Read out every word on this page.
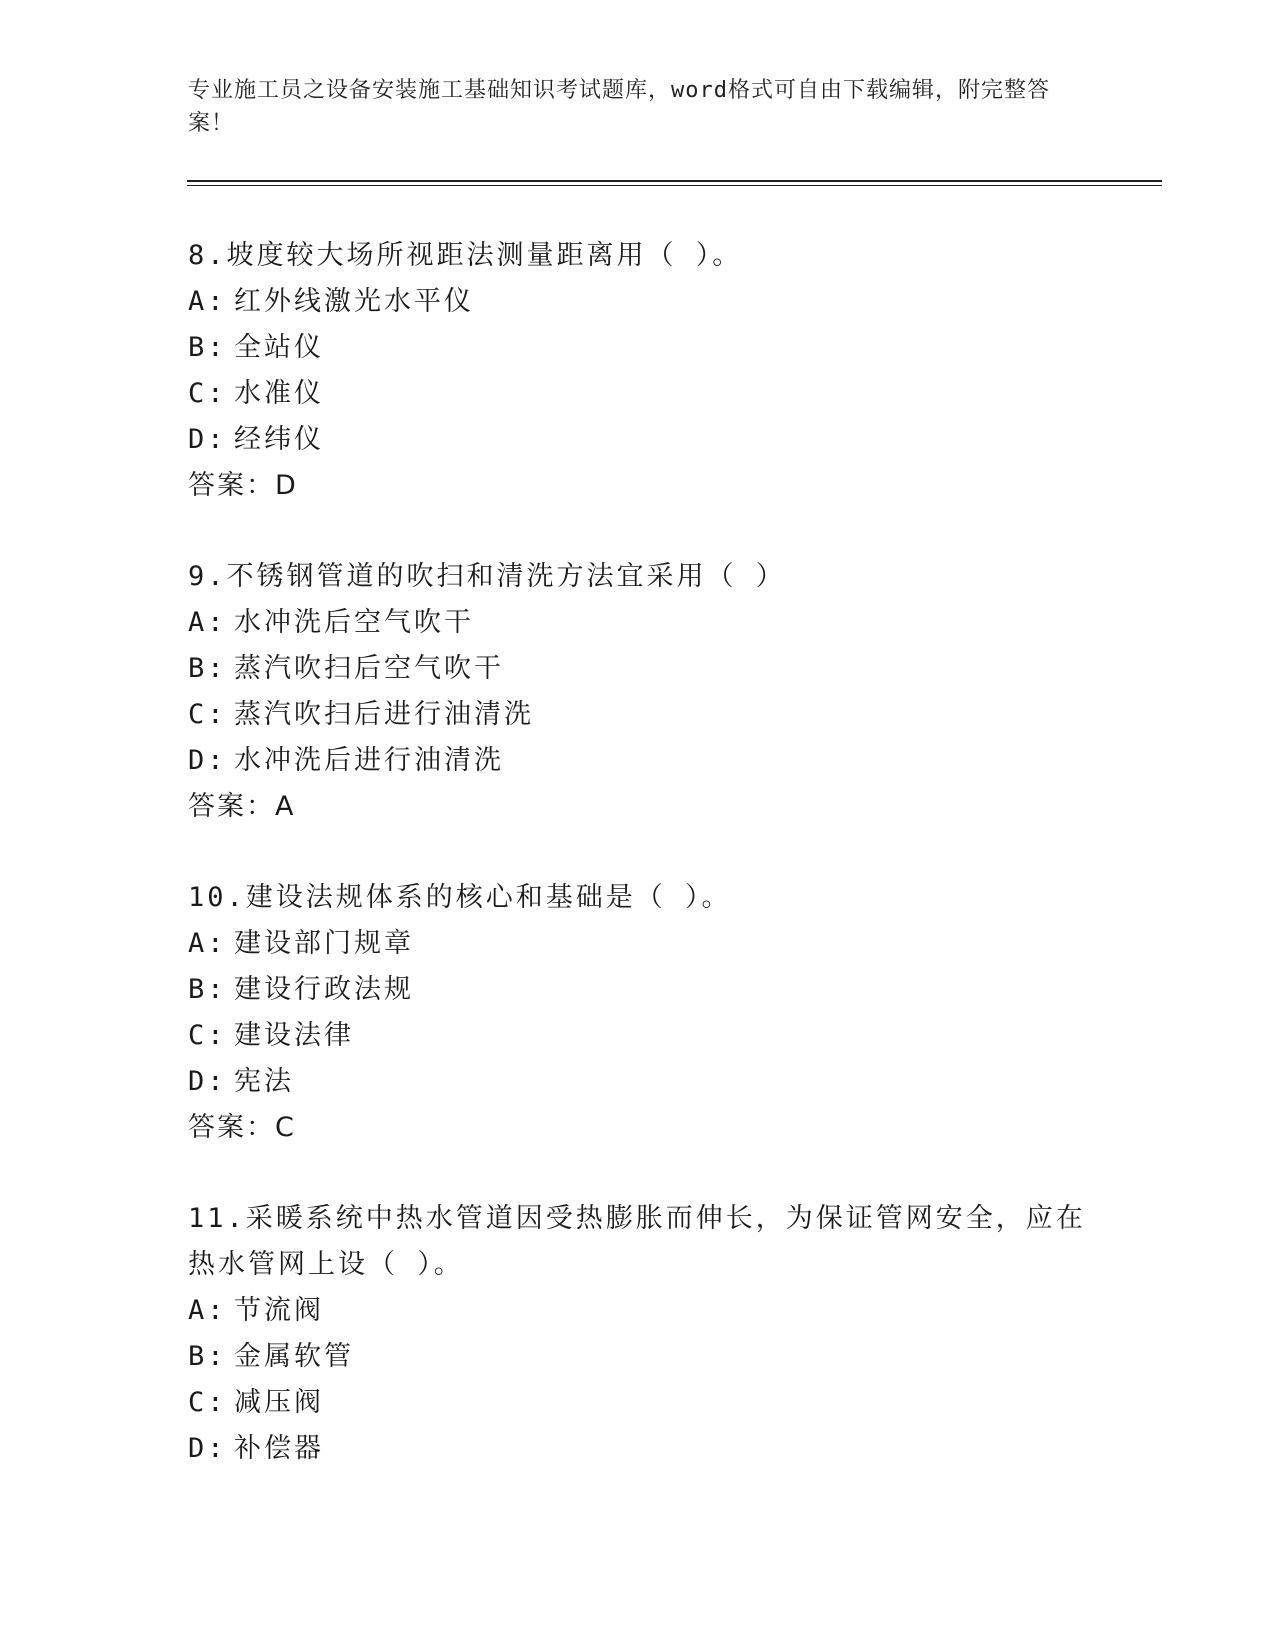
专业施工员之设备安装施工基础知识考试题库，word格式可自由下载编辑，附完整答案！
8.坡度较大场所视距法测量距离用（ ）。
A: 红外线激光水平仪
B: 全站仪
C: 水准仪
D: 经纬仪
答案：D
9.不锈钢管道的吹扫和清洗方法宜采用（ ）
A: 水冲洗后空气吹干
B: 蒸汽吹扫后空气吹干
C: 蒸汽吹扫后进行油清洗
D: 水冲洗后进行油清洗
答案：A
10.建设法规体系的核心和基础是（ ）。
A: 建设部门规章
B: 建设行政法规
C: 建设法律
D: 宪法
答案：C
11.采暖系统中热水管道因受热膨胀而伸长，为保证管网安全，应在热水管网上设（ ）。
A: 节流阀
B: 金属软管
C: 减压阀
D: 补偿器
